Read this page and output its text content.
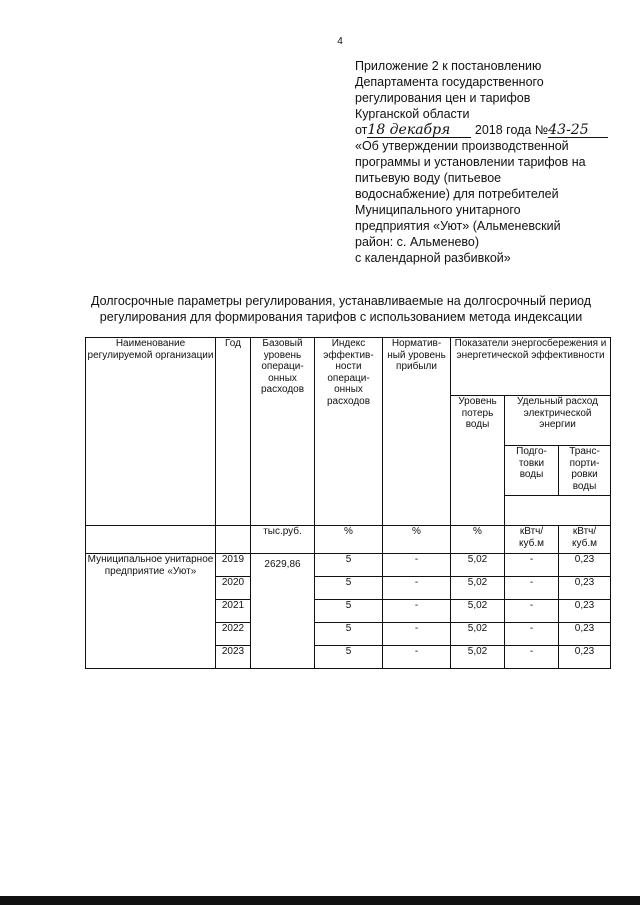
4

Приложение 2 к постановлению

Департамента государственного

регулирования цен и тарифов

Курганской области

от18 декабря 2018 года №43-25

«Об утверждении производственной

программы и установлении тарифов на

питьевую воду (питьевое

водоснабжение) для потребителей

Муниципального унитарного

предприятия «Уют» (Альменевский

район: с. Альменево)

с календарной разбивкой»

Долгосрочные параметры регулирования, устанавливаемые на долгосрочный период

регулирования для формирования тарифов с использованием метода индексации

Наименование регулируемой организации	Год	Базовый уровень операци-онных расходов	Индекс эффектив-ности операци-онных расходов	Норматив-ный уровень прибыли	Показатели энергосбережения и энергетической эффективности		
					Уровень потерь воды	Удельный расход электрической энергии	
						Подго-товки воды	Транс-порти-ровки воды

		тыс.руб.	%	%	%	кВтч/ куб.м	кВтч/ куб.м
Муниципальное унитарное предприятие «Уют»	2019	2629,86	5	-	5,02	-	0,23
	2020		5	-	5,02	-	0,23
	2021		5	-	5,02	-	0,23
	2022		5	-	5,02	-	0,23
	2023		5	-	5,02	-	0,23
